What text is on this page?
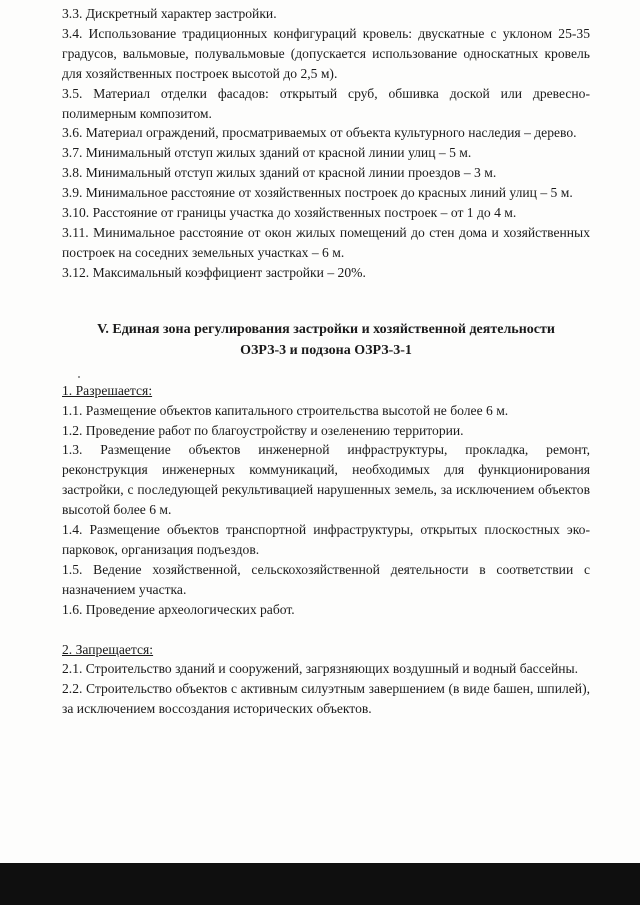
3.3. Дискретный характер застройки.

3.4. Использование традиционных конфигураций кровель: двускатные с уклоном 25-35 градусов, вальмовые, полувальмовые (допускается использование односкатных кровель для хозяйственных построек высотой до 2,5 м).

3.5. Материал отделки фасадов: открытый сруб, обшивка доской или древесно-полимерным композитом.

3.6. Материал ограждений, просматриваемых от объекта культурного наследия – дерево.

3.7. Минимальный отступ жилых зданий от красной линии улиц – 5 м.

3.8. Минимальный отступ жилых зданий от красной линии проездов – 3 м.

3.9. Минимальное расстояние от хозяйственных построек до красных линий улиц – 5 м.

3.10. Расстояние от границы участка до хозяйственных построек – от 1 до 4 м.

3.11. Минимальное расстояние от окон жилых помещений до стен дома и хозяйственных построек на соседних земельных участках – 6 м.

3.12. Максимальный коэффициент застройки – 20%.

V. Единая зона регулирования застройки и хозяйственной деятельности
ОЗРЗ-3 и подзона ОЗРЗ-3-1

1. Разрешается:

1.1. Размещение объектов капитального строительства высотой не более 6 м.

1.2. Проведение работ по благоустройству и озеленению территории.

1.3. Размещение объектов инженерной инфраструктуры, прокладка, ремонт, реконструкция инженерных коммуникаций, необходимых для функционирования застройки, с последующей рекультивацией нарушенных земель, за исключением объектов высотой более 6 м.

1.4. Размещение объектов транспортной инфраструктуры, открытых плоскостных эко-парковок, организация подъездов.

1.5. Ведение хозяйственной, сельскохозяйственной деятельности в соответствии с назначением участка.

1.6. Проведение археологических работ.

2. Запрещается:

2.1. Строительство зданий и сооружений, загрязняющих воздушный и водный бассейны.

2.2. Строительство объектов с активным силуэтным завершением (в виде башен, шпилей), за исключением воссоздания исторических объектов.
